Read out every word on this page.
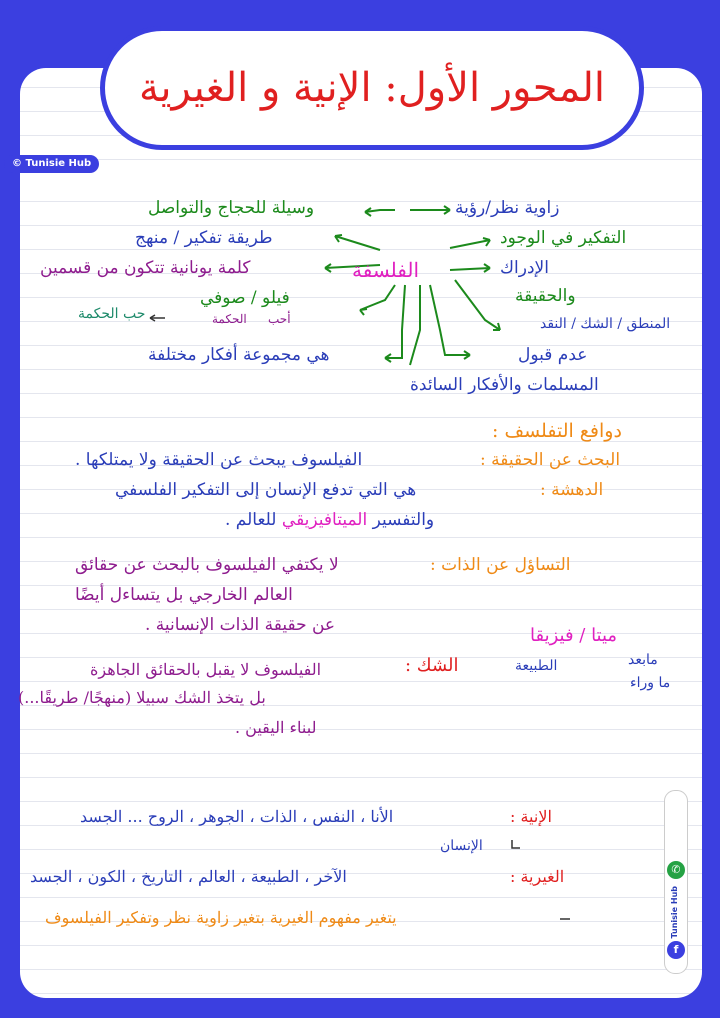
المحور الأول: الإنية و الغيرية
© Tunisie Hub
الفلسفة
وسيلة للحجاج والتواصل
طريقة تفكير / منهج
كلمة يونانية تتكون من قسمين
فيلو / صوفي
أحب
الحكمة
حب الحكمة
هي مجموعة أفكار مختلفة
زاوية نظر/رؤية
التفكير في الوجود
الإدراك
والحقيقة
المنطق / الشك / النقد
عدم قبول
المسلمات والأفكار السائدة
دوافع التفلسف :
البحث عن الحقيقة :
الفيلسوف يبحث عن الحقيقة ولا يمتلكها .
الدهشة :
هي التي تدفع الإنسان إلى التفكير الفلسفي
والتفسير الميتافيزيقي للعالم .
التساؤل عن الذات :
لا يكتفي الفيلسوف بالبحث عن حقائق
العالم الخارجي بل يتساءل أيضًا
عن حقيقة الذات الإنسانية .	ميتا / فيزيقا
مابعد
الطبيعة
ما وراء
الشك :
الفيلسوف لا يقبل بالحقائق الجاهزة
بل يتخذ الشك سبيلا (منهجًا/ طريقًا...)
لبناء اليقين .
الإنية :
الأنا ، النفس ، الذات ، الجوهر ، الروح ... الجسد
الإنسان
الغيرية :
الآخر ، الطبيعة ، العالم ، التاريخ ، الكون ، الجسد
يتغير مفهوم الغيرية بتغير زاوية نظر وتفكير الفيلسوف
✆
Tunisie Hub
f
